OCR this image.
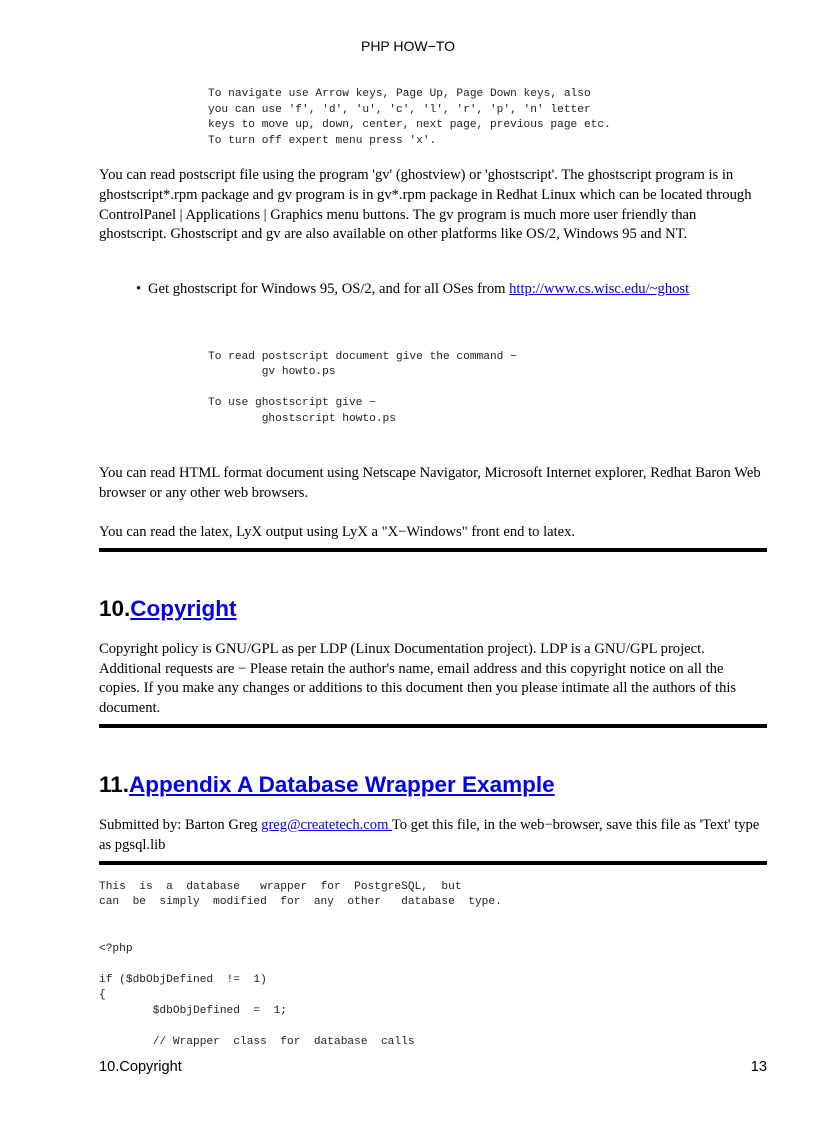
PHP HOW−TO
To navigate use Arrow keys, Page Up, Page Down keys, also
you can use 'f', 'd', 'u', 'c', 'l', 'r', 'p', 'n' letter
keys to move up, down, center, next page, previous page etc.
To turn off expert menu press 'x'.

You can read postscript file using the program 'gv' (ghostview) or 'ghostscript'. The ghostscript program is in ghostscript*.rpm package and gv program is in gv*.rpm package in Redhat Linux which can be located through ControlPanel | Applications | Graphics menu buttons. The gv program is much more user friendly than ghostscript. Ghostscript and gv are also available on other platforms like OS/2, Windows 95 and NT.

• Get ghostscript for Windows 95, OS/2, and for all OSes from http://www.cs.wisc.edu/~ghost
To read postscript document give the command −
gv howto.ps

To use ghostscript give −
ghostscript howto.ps

You can read HTML format document using Netscape Navigator, Microsoft Internet explorer, Redhat Baron Web browser or any other web browsers.

You can read the latex, LyX output using LyX a "X−Windows" front end to latex.

10.Copyright

Copyright policy is GNU/GPL as per LDP (Linux Documentation project). LDP is a GNU/GPL project. Additional requests are − Please retain the author's name, email address and this copyright notice on all the copies. If you make any changes or additions to this document then you please intimate all the authors of this document.

11.Appendix A Database Wrapper Example

Submitted by: Barton Greg greg@createtech.com To get this file, in the web−browser, save this file as 'Text' type as pgsql.lib

This  is  a  database   wrapper  for  PostgreSQL,  but
can  be  simply  modified  for  any  other   database  type.

<?php

if ($dbObjDefined  !=  1)
{
$dbObjDefined  =  1;

// Wrapper  class  for  database  calls
10.Copyright	13
